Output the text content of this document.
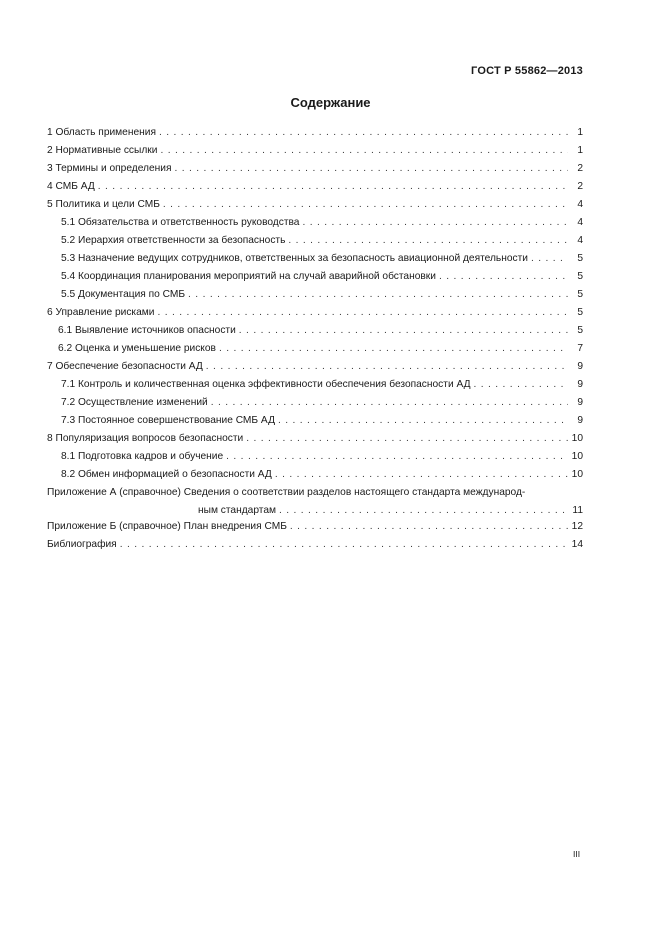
ГОСТ Р 55862—2013
Содержание
1 Область применения . . .	1
2 Нормативные ссылки . . .	1
3 Термины и определения . . .	2
4 СМБ АД . . .	2
5 Политика и цели СМБ . . .	4
5.1 Обязательства и ответственность руководства . . .	4
5.2 Иерархия ответственности за безопасность . . .	4
5.3 Назначение ведущих сотрудников, ответственных за безопасность авиационной деятельности . . .	5
5.4 Координация планирования мероприятий на случай аварийной обстановки . . .	5
5.5 Документация по СМБ . . .	5
6 Управление рисками . . .	5
6.1 Выявление источников опасности . . .	5
6.2 Оценка и уменьшение рисков . . .	7
7 Обеспечение безопасности АД . . .	9
7.1 Контроль и количественная оценка эффективности обеспечения безопасности АД . . .	9
7.2 Осуществление изменений . . .	9
7.3 Постоянное совершенствование СМБ АД . . .	9
8 Популяризация вопросов безопасности . . .	10
8.1 Подготовка кадров и обучение . . .	10
8.2 Обмен информацией о безопасности АД . . .	10
Приложение А (справочное) Сведения о соответствии разделов настоящего стандарта международ-
ным стандартам . . .	11
Приложение Б (справочное) План внедрения СМБ . . .	12
Библиография . . .	14
III
